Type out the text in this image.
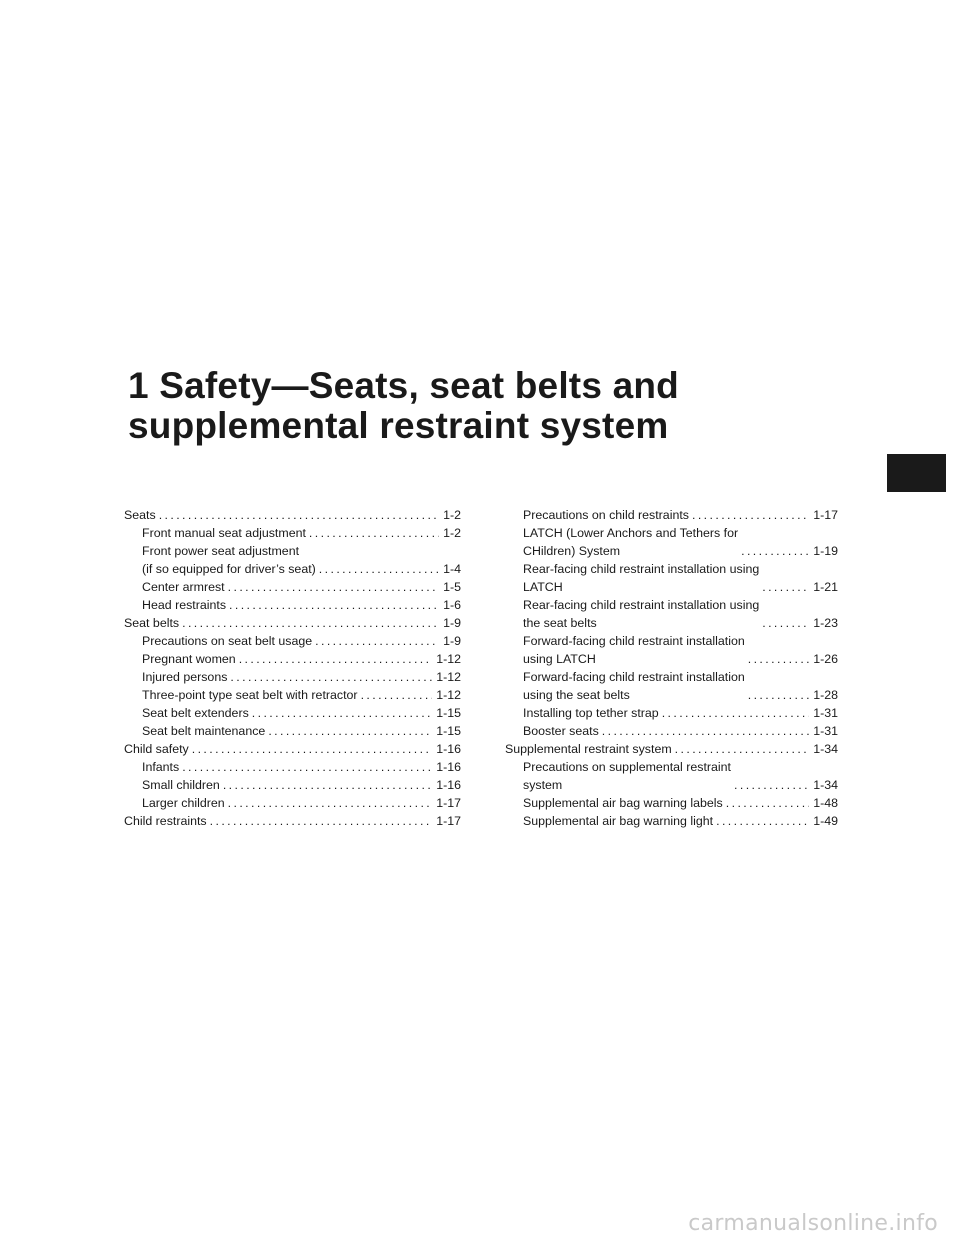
1 Safety—Seats, seat belts and
supplemental restraint system
Seats .....	1-2
Front manual seat adjustment .....	1-2
Front power seat adjustment
(if so equipped for driver’s seat) .....	1-4
Center armrest .....	1-5
Head restraints .....	1-6
Seat belts .....	1-9
Precautions on seat belt usage .....	1-9
Pregnant women .....	1-12
Injured persons .....	1-12
Three-point type seat belt with retractor .....	1-12
Seat belt extenders .....	1-15
Seat belt maintenance .....	1-15
Child safety .....	1-16
Infants .....	1-16
Small children .....	1-16
Larger children .....	1-17
Child restraints .....	1-17
Precautions on child restraints .....	1-17
LATCH (Lower Anchors and Tethers for
CHildren) System .....	1-19
Rear-facing child restraint installation using
LATCH .....	1-21
Rear-facing child restraint installation using
the seat belts .....	1-23
Forward-facing child restraint installation
using LATCH .....	1-26
Forward-facing child restraint installation
using the seat belts .....	1-28
Installing top tether strap .....	1-31
Booster seats .....	1-31
Supplemental restraint system .....	1-34
Precautions on supplemental restraint
system .....	1-34
Supplemental air bag warning labels .....	1-48
Supplemental air bag warning light .....	1-49
carmanualsonline.info
